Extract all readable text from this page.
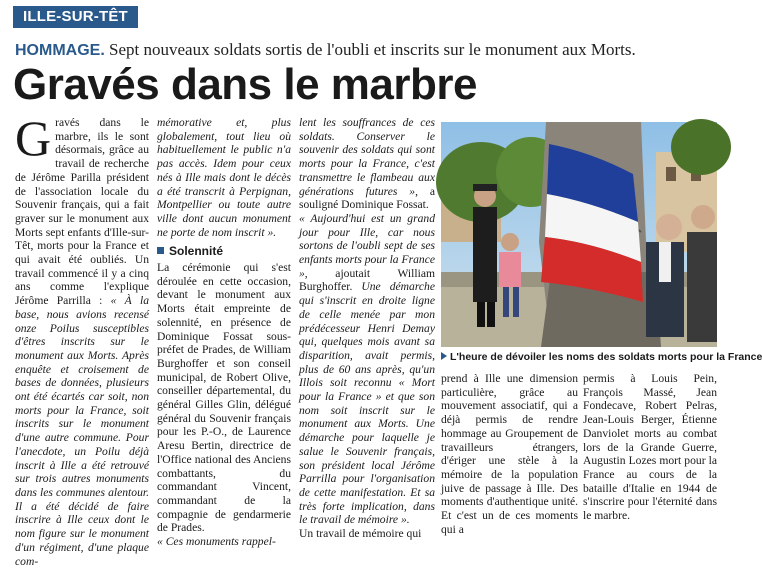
ILLE-SUR-TÊT
HOMMAGE. Sept nouveaux soldats sortis de l'oubli et inscrits sur le monument aux Morts.
Gravés dans le marbre

Gravés dans le marbre, ils le sont désormais, grâce au travail de recherche de Jérôme Parilla président de l'association locale du Souvenir français, qui a fait graver sur le monument aux Morts sept enfants d'Ille-sur-Têt, morts pour la France et qui avait été oubliés. Un travail commencé il y a cinq ans comme l'explique Jérôme Parrilla : « À la base, nous avions recensé onze Poilus susceptibles d'êtres inscrits sur le monument aux Morts. Après enquête et croisement de bases de données, plusieurs ont été écartés car soit, non morts pour la France, soit inscrits sur le monument d'une autre commune. Pour l'anecdote, un Poilu déjà inscrit à Ille a été retrouvé sur trois autres monuments dans les communes alentour. Il a été décidé de faire inscrire à Ille ceux dont le nom figure sur le monument d'un régiment, d'une plaque com-

mémorative et, plus globalement, tout lieu où habituellement le public n'a pas accès. Idem pour ceux nés à Ille mais dont le décès a été transcrit à Perpignan, Montpellier ou toute autre ville dont aucun monument ne porte de nom inscrit ».

Solennité

La cérémonie qui s'est déroulée en cette occasion, devant le monument aux Morts était empreinte de solennité, en présence de Dominique Fossat sous-préfet de Prades, de William Burghoffer et son conseil municipal, de Robert Olive, conseiller départemental, du général Gilles Glin, délégué général du Souvenir français pour les P.-O., de Laurence Aresu Bertin, directrice de l'Office national des Anciens combattants, du commandant Vincent, commandant de la compagnie de gendarmerie de Prades.

« Ces monuments rappel-

lent les souffrances de ces soldats. Conserver le souvenir des soldats qui sont morts pour la France, c'est transmettre le flambeau aux générations futures », a souligné Dominique Fossat.

« Aujourd'hui est un grand jour pour Ille, car nous sortons de l'oubli sept de ses enfants morts pour la France », ajoutait William Burghoffer. Une démarche qui s'inscrit en droite ligne de celle menée par mon prédécesseur Henri Demay qui, quelques mois avant sa disparition, avait permis, plus de 60 ans après, qu'un Illois soit reconnu « Mort pour la France » et que son nom soit inscrit sur le monument aux Morts. Une démarche pour laquelle je salue le Souvenir français, son président local Jérôme Parrilla pour l'organisation de cette manifestation. Et sa très forte implication, dans le travail de mémoire ».

Un travail de mémoire qui

L'heure de dévoiler les noms des soldats morts pour la France

prend à Ille une dimension particulière, grâce au mouvement associatif, qui a déjà permis de rendre hommage au Groupement de travailleurs étrangers, d'ériger une stèle à la mémoire de la population juive de passage à Ille. Des moments d'authentique unité. Et c'est un de ces moments qui a

permis à Louis Pein, François Massé, Jean Fondecave, Robert Pelras, Jean-Louis Berger, Étienne Danviolet morts au combat lors de la Grande Guerre, Augustin Lozes mort pour la France au cours de la bataille d'Italie en 1944 de s'inscrire pour l'éternité dans le marbre.
